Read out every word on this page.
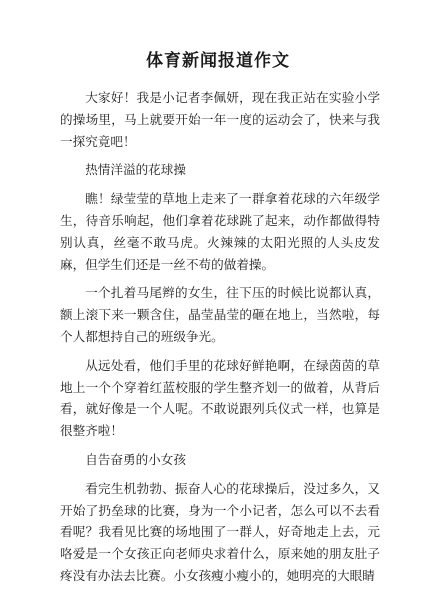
体育新闻报道作文

大家好！我是小记者李佩妍，现在我正站在实验小学的操场里，马上就要开始一年一度的运动会了，快来与我一探究竟吧！

热情洋溢的花球操

瞧！绿莹莹的草地上走来了一群拿着花球的六年级学生，待音乐响起，他们拿着花球跳了起来，动作都做得特别认真，丝毫不敢马虎。火辣辣的太阳光照的人头皮发麻，但学生们还是一丝不苟的做着操。

一个扎着马尾辫的女生，往下压的时候比说都认真，额上滚下来一颗含住，晶莹晶莹的砸在地上，当然啦，每个人都想持自己的班级争光。

从远处看，他们手里的花球好鲜艳啊，在绿茵茵的草地上一个个穿着红蓝校服的学生整齐划一的做着，从背后看，就好像是一个人呢。不敢说跟列兵仪式一样，也算是很整齐啦！

自告奋勇的小女孩

看完生机勃勃、振奋人心的花球操后，没过多久，又开始了扔垒球的比赛，身为一个小记者，怎么可以不去看看呢？我看见比赛的场地围了一群人，好奇地走上去，元咯爱是一个女孩正向老师央求着什么，原来她的朋友肚子疼没有办法去比赛。小女孩瘦小瘦小的，她明亮的大眼睛
